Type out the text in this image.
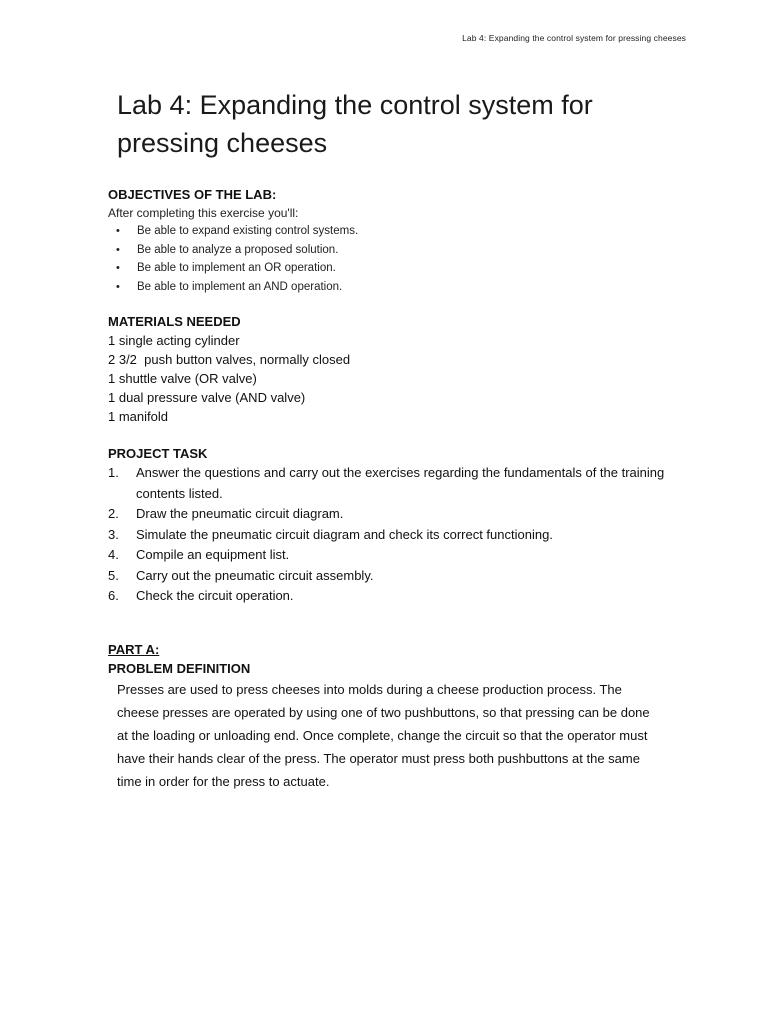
Lab 4: Expanding the control system for pressing cheeses
Lab 4: Expanding the control system for pressing cheeses
OBJECTIVES OF THE LAB:
After completing this exercise you'll:
• Be able to expand existing control systems.
• Be able to analyze a proposed solution.
• Be able to implement an OR operation.
• Be able to implement an AND operation.
MATERIALS NEEDED
1 single acting cylinder
2 3/2  push button valves, normally closed
1 shuttle valve (OR valve)
1 dual pressure valve (AND valve)
1 manifold
PROJECT TASK
1. Answer the questions and carry out the exercises regarding the fundamentals of the training contents listed.
2. Draw the pneumatic circuit diagram.
3. Simulate the pneumatic circuit diagram and check its correct functioning.
4. Compile an equipment list.
5. Carry out the pneumatic circuit assembly.
6. Check the circuit operation.
PART A:
PROBLEM DEFINITION

Presses are used to press cheeses into molds during a cheese production process. The cheese presses are operated by using one of two pushbuttons, so that pressing can be done at the loading or unloading end. Once complete, change the circuit so that the operator must have their hands clear of the press. The operator must press both pushbuttons at the same time in order for the press to actuate.
